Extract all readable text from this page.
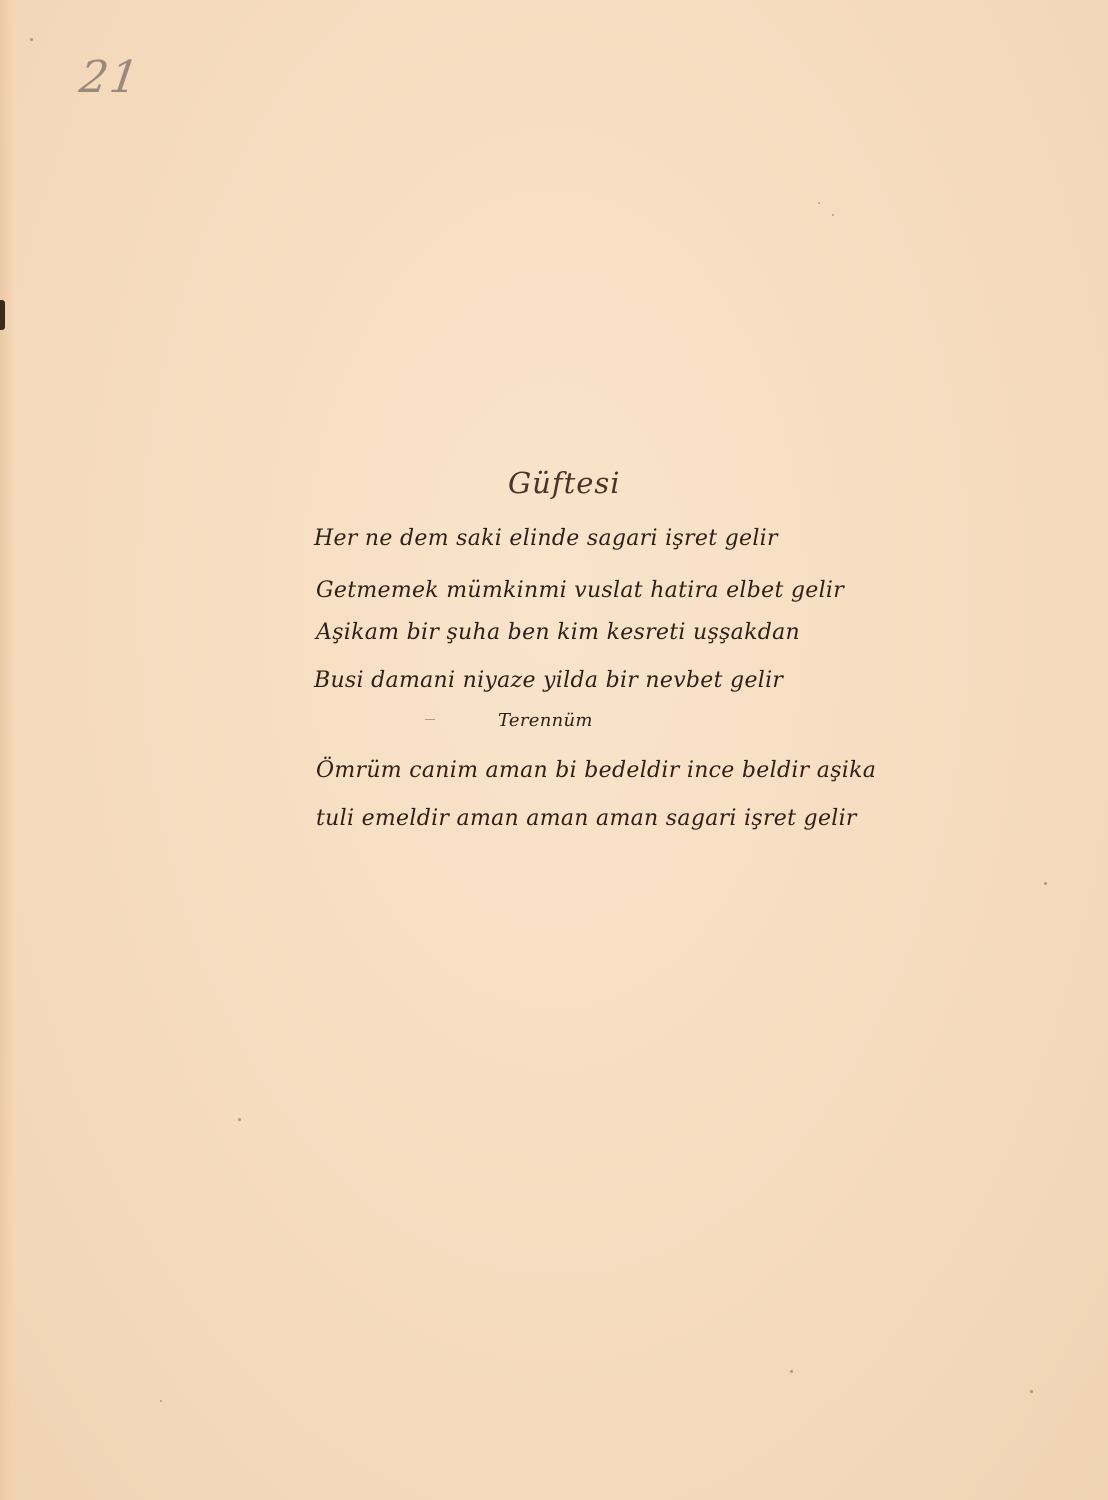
21
Güftesi
Her ne dem saki elinde sagari işret gelir
Getmemek mümkinmi vuslat hatira elbet gelir
Aşikam bir şuha ben kim kesreti uşşakdan
Busi damani niyaze yilda bir nevbet gelir
Terennüm
Ömrüm canim aman bi bedeldir ince beldir aşika
tuli emeldir aman aman aman sagari işret gelir
